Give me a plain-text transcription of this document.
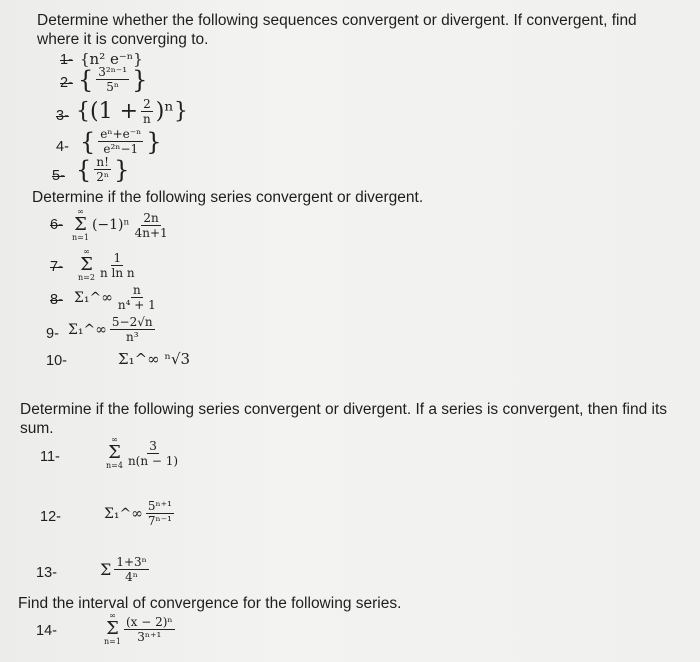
Determine whether the following sequences convergent or divergent. If convergent, find where it is converging to.

1- {n² e⁻ⁿ}
2- { $\frac{\text{3²ⁿ⁻¹}}{\text{5ⁿ}}$ }
3- $\{(1 + \frac{2}{n} )^n\}$
4- { $\frac{\text{eⁿ+e⁻ⁿ}}{\text{e²ⁿ−1}}$ }
5- { $\frac{n!}{\text{2ⁿ}}$ }

Determine if the following series convergent or divergent.

6-
∞
Σ
n=1
$(-1)^n \frac{2n}{4n+1}$
7-
∞
Σ
$n=2 \frac{1}{\text{n ln n}}$
8- Σ₁^∞ $\frac{n}{\text{n⁴ + 1}}$
9- Σ₁^∞ $\frac{5-2√n}{\text{n³}}$
10-	Σ₁^∞ ⁿ√3

Determine if the following series convergent or divergent. If a series is convergent, then find its sum.

11-
∞
Σ
$n=4 \frac{3}{n(n - 1)}$
12-	Σ₁^∞ $\frac{\text{5ⁿ⁺¹}}{\text{7ⁿ⁻¹}}$
13-	Σ $\frac{\text{1+3ⁿ}}{\text{4ⁿ}}$

Find the interval of convergence for the following series.

14-
∞
Σ
$n=1 \frac{\text{(x − 2)ⁿ}}{\text{3ⁿ⁺¹}}$
